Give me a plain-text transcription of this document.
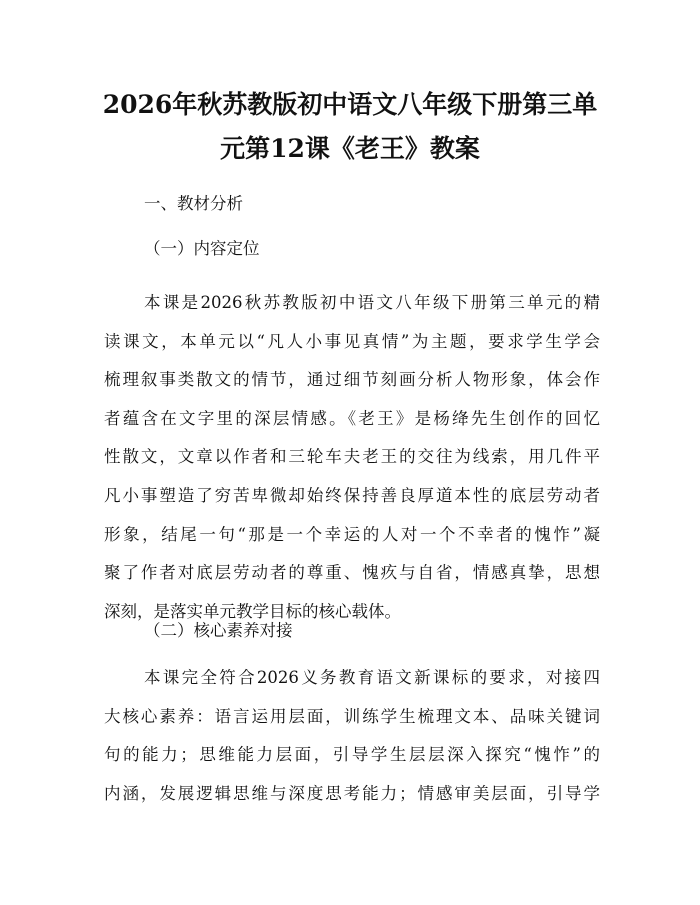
2026年秋苏教版初中语文八年级下册第三单
元第12课《老王》教案

一、教材分析

（一）内容定位

本课是2026秋苏教版初中语文八年级下册第三单元的精
读课文，本单元以“凡人小事见真情”为主题，要求学生学会
梳理叙事类散文的情节，通过细节刻画分析人物形象，体会作
者蕴含在文字里的深层情感。《老王》是杨绛先生创作的回忆
性散文，文章以作者和三轮车夫老王的交往为线索，用几件平
凡小事塑造了穷苦卑微却始终保持善良厚道本性的底层劳动者
形象，结尾一句“那是一个幸运的人对一个不幸者的愧怍”凝
聚了作者对底层劳动者的尊重、愧疚与自省，情感真挚，思想
深刻，是落实单元教学目标的核心载体。

（二）核心素养对接

本课完全符合2026义务教育语文新课标的要求，对接四
大核心素养：语言运用层面，训练学生梳理文本、品味关键词
句的能力；思维能力层面，引导学生层层深入探究“愧怍”的
内涵，发展逻辑思维与深度思考能力；情感审美层面，引导学
